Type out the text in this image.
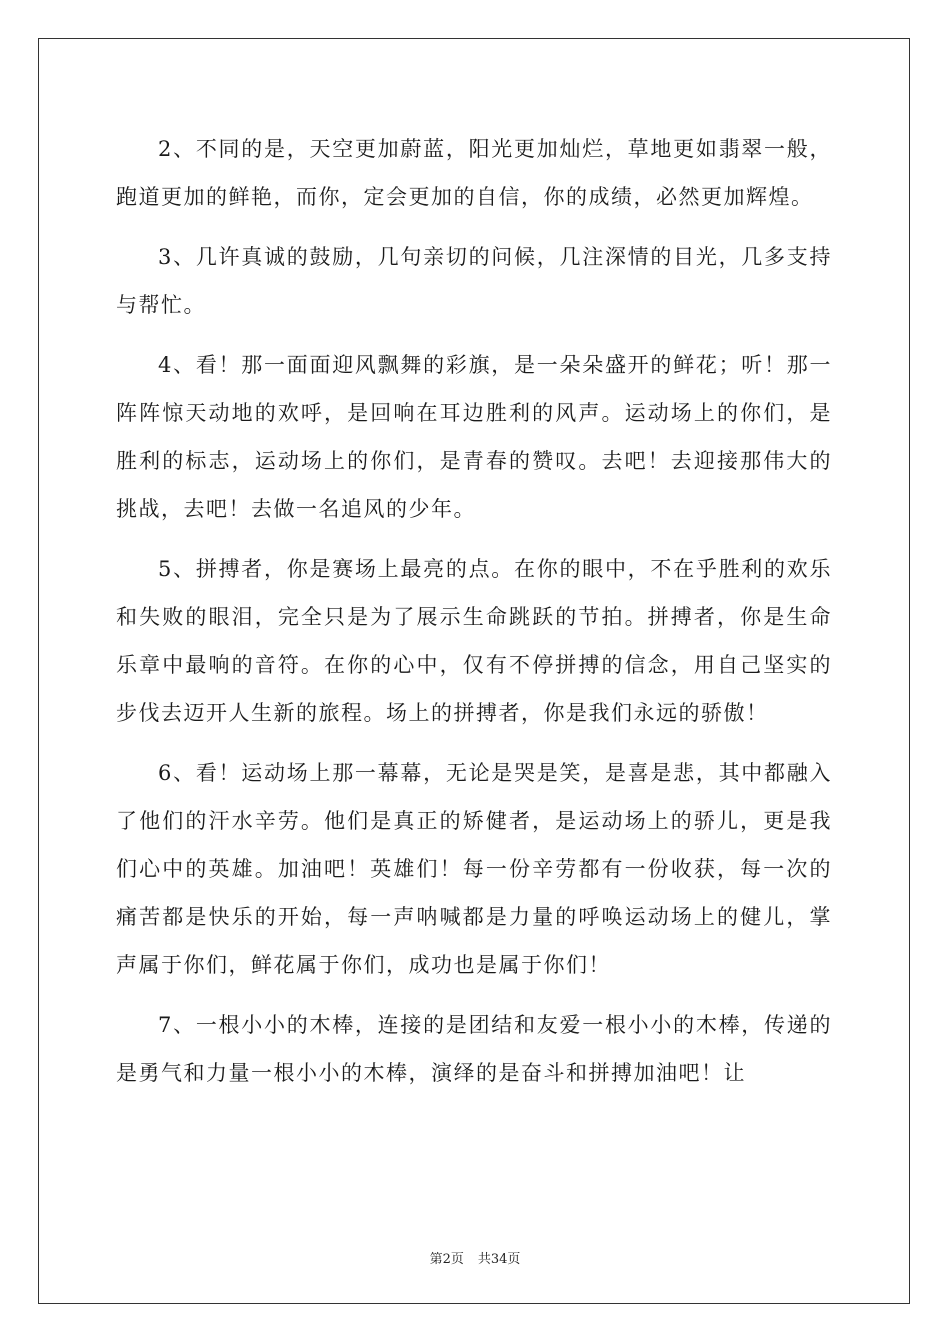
2、不同的是，天空更加蔚蓝，阳光更加灿烂，草地更如翡翠一般，跑道更加的鲜艳，而你，定会更加的自信，你的成绩，必然更加辉煌。

3、几许真诚的鼓励，几句亲切的问候，几注深情的目光，几多支持与帮忙。

4、看！那一面面迎风飘舞的彩旗，是一朵朵盛开的鲜花；听！那一阵阵惊天动地的欢呼，是回响在耳边胜利的风声。运动场上的你们，是胜利的标志，运动场上的你们，是青春的赞叹。去吧！去迎接那伟大的挑战，去吧！去做一名追风的少年。

5、拼搏者，你是赛场上最亮的点。在你的眼中，不在乎胜利的欢乐和失败的眼泪，完全只是为了展示生命跳跃的节拍。拼搏者，你是生命乐章中最响的音符。在你的心中，仅有不停拼搏的信念，用自己坚实的步伐去迈开人生新的旅程。场上的拼搏者，你是我们永远的骄傲！

6、看！运动场上那一幕幕，无论是哭是笑，是喜是悲，其中都融入了他们的汗水辛劳。他们是真正的矫健者，是运动场上的骄儿，更是我们心中的英雄。加油吧！英雄们！每一份辛劳都有一份收获，每一次的痛苦都是快乐的开始，每一声呐喊都是力量的呼唤运动场上的健儿，掌声属于你们，鲜花属于你们，成功也是属于你们！

7、一根小小的木棒，连接的是团结和友爱一根小小的木棒，传递的是勇气和力量一根小小的木棒，演绎的是奋斗和拼搏加油吧！让

第2页 共34页
